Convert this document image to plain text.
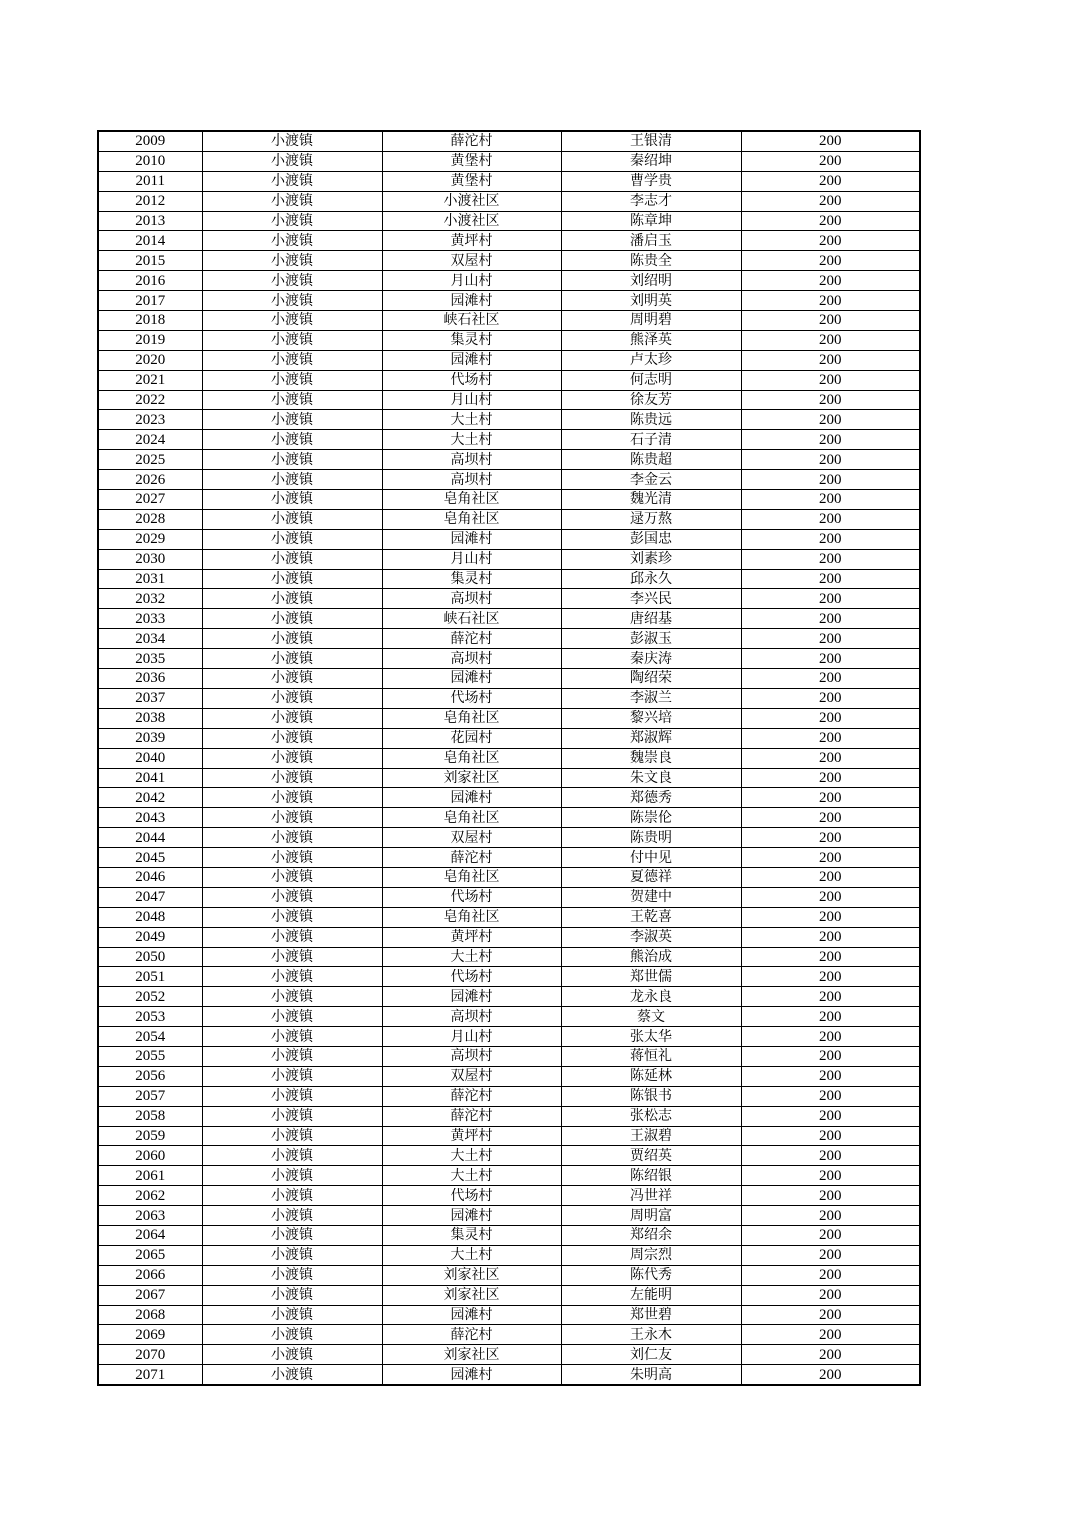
2009	小渡镇	薛沱村	王银清	200
2010	小渡镇	黄堡村	秦绍坤	200
2011	小渡镇	黄堡村	曹学贵	200
2012	小渡镇	小渡社区	李志才	200
2013	小渡镇	小渡社区	陈章坤	200
2014	小渡镇	黄坪村	潘启玉	200
2015	小渡镇	双屋村	陈贵全	200
2016	小渡镇	月山村	刘绍明	200
2017	小渡镇	园滩村	刘明英	200
2018	小渡镇	峡石社区	周明碧	200
2019	小渡镇	集灵村	熊泽英	200
2020	小渡镇	园滩村	卢太珍	200
2021	小渡镇	代场村	何志明	200
2022	小渡镇	月山村	徐友芳	200
2023	小渡镇	大土村	陈贵远	200
2024	小渡镇	大土村	石子清	200
2025	小渡镇	高坝村	陈贵超	200
2026	小渡镇	高坝村	李金云	200
2027	小渡镇	皂角社区	魏光清	200
2028	小渡镇	皂角社区	逯万熬	200
2029	小渡镇	园滩村	彭国忠	200
2030	小渡镇	月山村	刘素珍	200
2031	小渡镇	集灵村	邱永久	200
2032	小渡镇	高坝村	李兴民	200
2033	小渡镇	峡石社区	唐绍基	200
2034	小渡镇	薛沱村	彭淑玉	200
2035	小渡镇	高坝村	秦庆涛	200
2036	小渡镇	园滩村	陶绍荣	200
2037	小渡镇	代场村	李淑兰	200
2038	小渡镇	皂角社区	黎兴培	200
2039	小渡镇	花园村	郑淑辉	200
2040	小渡镇	皂角社区	魏崇良	200
2041	小渡镇	刘家社区	朱文良	200
2042	小渡镇	园滩村	郑德秀	200
2043	小渡镇	皂角社区	陈崇伦	200
2044	小渡镇	双屋村	陈贵明	200
2045	小渡镇	薛沱村	付中见	200
2046	小渡镇	皂角社区	夏德祥	200
2047	小渡镇	代场村	贺建中	200
2048	小渡镇	皂角社区	王乾喜	200
2049	小渡镇	黄坪村	李淑英	200
2050	小渡镇	大土村	熊治成	200
2051	小渡镇	代场村	郑世儒	200
2052	小渡镇	园滩村	龙永良	200
2053	小渡镇	高坝村	蔡文	200
2054	小渡镇	月山村	张太华	200
2055	小渡镇	高坝村	蒋恒礼	200
2056	小渡镇	双屋村	陈延林	200
2057	小渡镇	薛沱村	陈银书	200
2058	小渡镇	薛沱村	张松志	200
2059	小渡镇	黄坪村	王淑碧	200
2060	小渡镇	大土村	贾绍英	200
2061	小渡镇	大土村	陈绍银	200
2062	小渡镇	代场村	冯世祥	200
2063	小渡镇	园滩村	周明富	200
2064	小渡镇	集灵村	郑绍余	200
2065	小渡镇	大土村	周宗烈	200
2066	小渡镇	刘家社区	陈代秀	200
2067	小渡镇	刘家社区	左能明	200
2068	小渡镇	园滩村	郑世碧	200
2069	小渡镇	薛沱村	王永木	200
2070	小渡镇	刘家社区	刘仁友	200
2071	小渡镇	园滩村	朱明高	200
